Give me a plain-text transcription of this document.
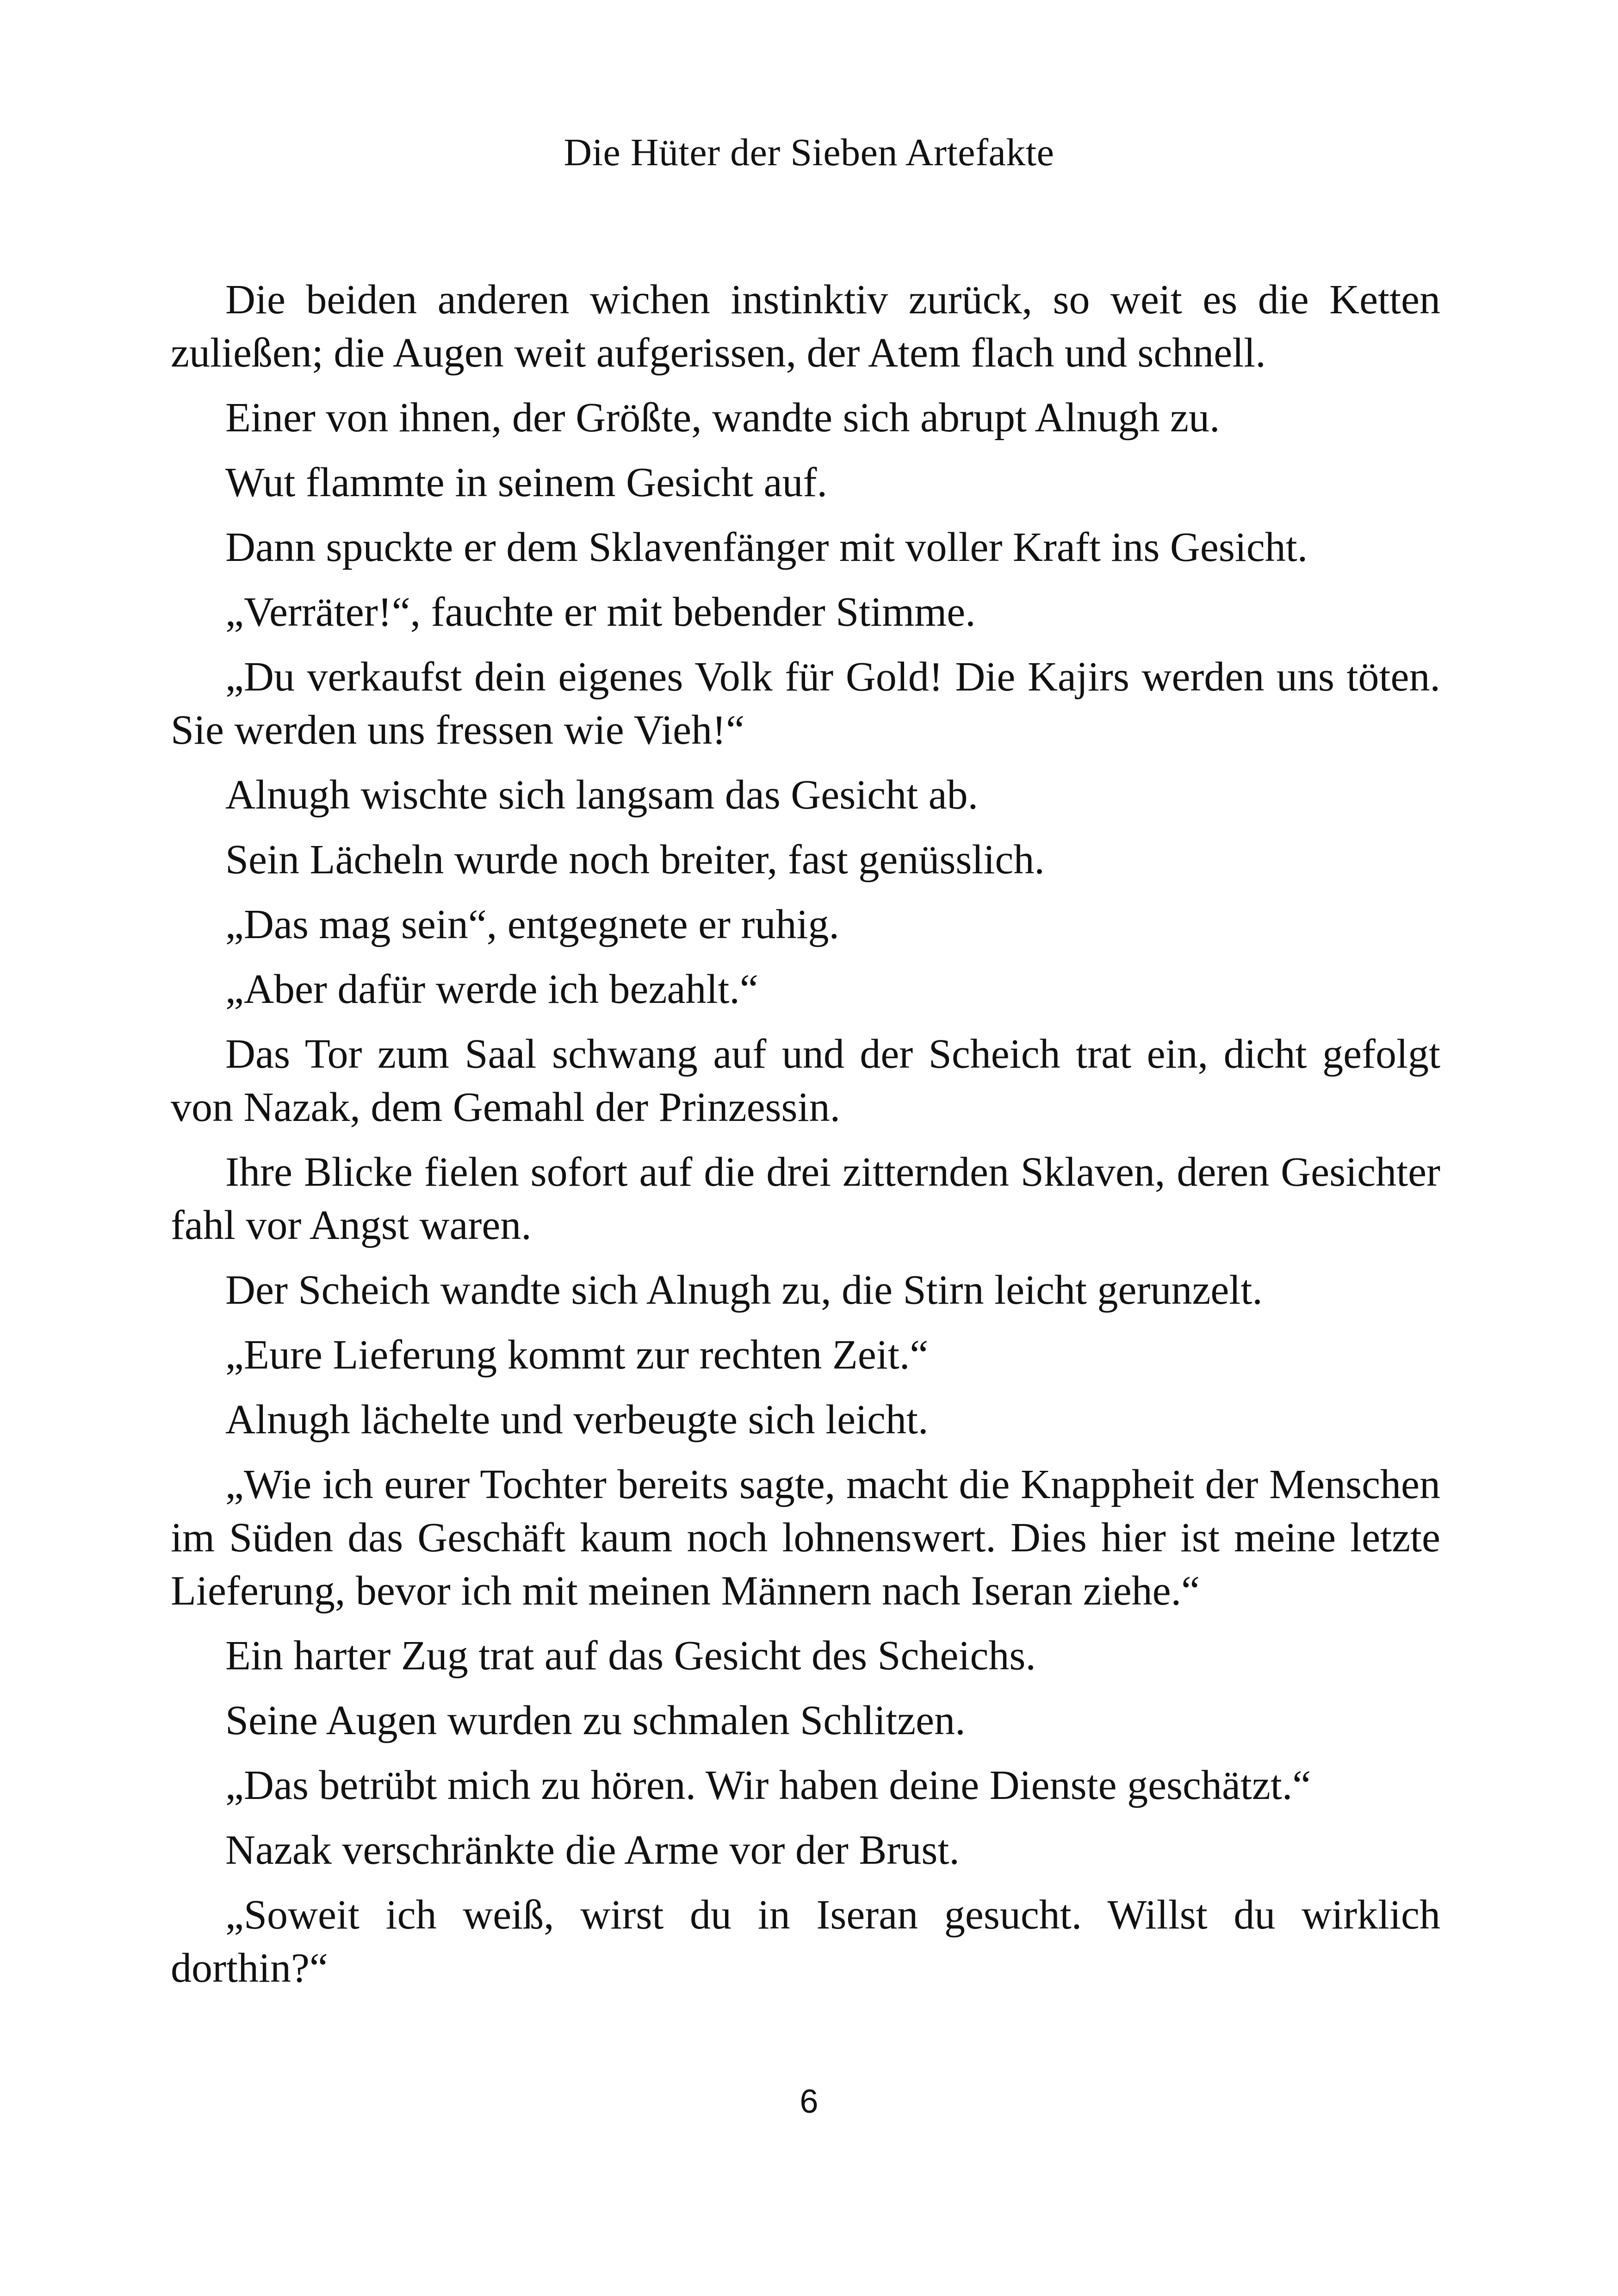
Die Hüter der Sieben Artefakte

Die beiden anderen wichen instinktiv zurück, so weit es die Ketten zuließen; die Augen weit aufgerissen, der Atem flach und schnell.

Einer von ihnen, der Größte, wandte sich abrupt Alnugh zu.

Wut flammte in seinem Gesicht auf.

Dann spuckte er dem Sklavenfänger mit voller Kraft ins Gesicht.

„Verräter!“, fauchte er mit bebender Stimme.

„Du verkaufst dein eigenes Volk für Gold! Die Kajirs werden uns töten. Sie werden uns fressen wie Vieh!“

Alnugh wischte sich langsam das Gesicht ab.

Sein Lächeln wurde noch breiter, fast genüsslich.

„Das mag sein“, entgegnete er ruhig.

„Aber dafür werde ich bezahlt.“

Das Tor zum Saal schwang auf und der Scheich trat ein, dicht gefolgt von Nazak, dem Gemahl der Prinzessin.

Ihre Blicke fielen sofort auf die drei zitternden Sklaven, deren Gesichter fahl vor Angst waren.

Der Scheich wandte sich Alnugh zu, die Stirn leicht gerunzelt.

„Eure Lieferung kommt zur rechten Zeit.“

Alnugh lächelte und verbeugte sich leicht.

„Wie ich eurer Tochter bereits sagte, macht die Knappheit der Menschen im Süden das Geschäft kaum noch lohnenswert. Dies hier ist meine letzte Lieferung, bevor ich mit meinen Männern nach Iseran ziehe.“

Ein harter Zug trat auf das Gesicht des Scheichs.

Seine Augen wurden zu schmalen Schlitzen.

„Das betrübt mich zu hören. Wir haben deine Dienste geschätzt.“

Nazak verschränkte die Arme vor der Brust.

„Soweit ich weiß, wirst du in Iseran gesucht. Willst du wirklich dorthin?“

6
